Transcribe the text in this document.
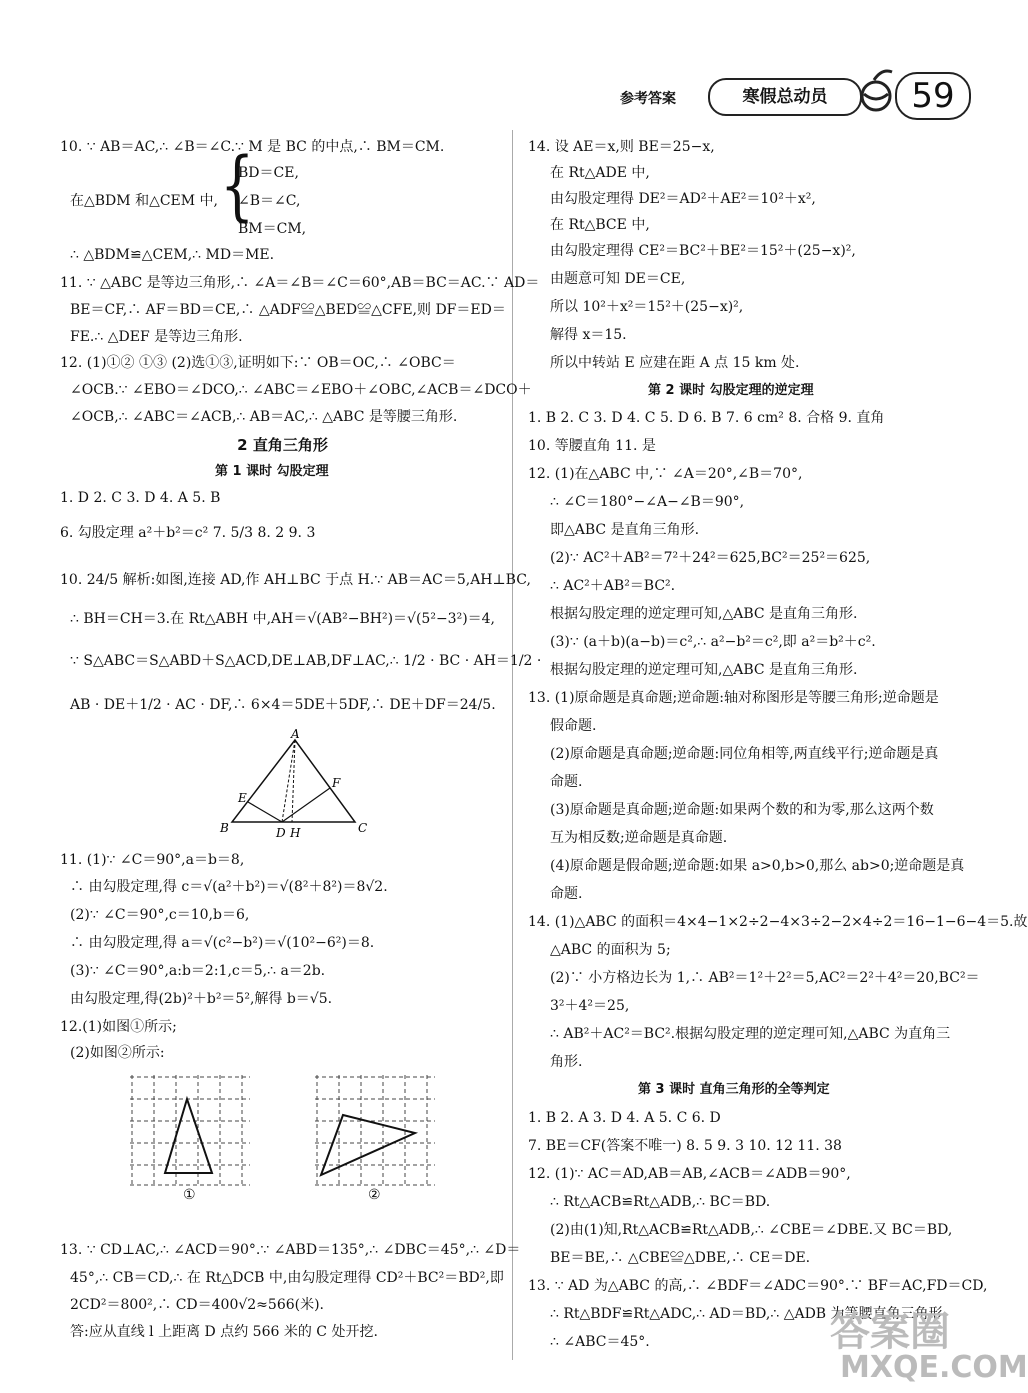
参考答案	寒假总动员	59
10. ∵ AB＝AC,∴ ∠B＝∠C.∵ M 是 BC 的中点,∴ BM＝CM.
{
BD＝CE,
在△BDM 和△CEM 中, ∠B＝∠C,
BM＝CM,
∴ △BDM≌△CEM,∴ MD＝ME.
11. ∵ △ABC 是等边三角形,∴ ∠A＝∠B＝∠C＝60°,AB＝BC＝AC.∵ AD＝
BE＝CF,∴ AF＝BD＝CE,∴ △ADF≌△BED≌△CFE,则 DF＝ED＝
FE.∴ △DEF 是等边三角形.
12. (1)①② ①③ (2)选①③,证明如下:∵ OB＝OC,∴ ∠OBC＝
∠OCB.∵ ∠EBO＝∠DCO,∴ ∠ABC＝∠EBO＋∠OBC,∠ACB＝∠DCO＋
∠OCB,∴ ∠ABC＝∠ACB,∴ AB＝AC,∴ △ABC 是等腰三角形.
2 直角三角形
第 1 课时 勾股定理
1. D 2. C 3. D 4. A 5. B
6. 勾股定理 a²＋b²＝c² 7. 5/3 8. 2 9. 3
10. 24/5 解析:如图,连接 AD,作 AH⊥BC 于点 H.∵ AB＝AC＝5,AH⊥BC,
∴ BH＝CH＝3.在 Rt△ABH 中,AH＝√(AB²−BH²)＝√(5²−3²)＝4,
∵ S△ABC＝S△ABD＋S△ACD,DE⊥AB,DF⊥AC,∴ 1/2 · BC · AH＝1/2 ·
AB · DE＋1/2 · AC · DF,∴ 6×4＝5DE＋5DF,∴ DE＋DF＝24/5.
A
B	C
D
E
F
H
11. (1)∵ ∠C＝90°,a＝b＝8,
∴ 由勾股定理,得 c＝√(a²＋b²)＝√(8²＋8²)＝8√2.
(2)∵ ∠C＝90°,c＝10,b＝6,
∴ 由勾股定理,得 a＝√(c²−b²)＝√(10²−6²)＝8.
(3)∵ ∠C＝90°,a:b＝2:1,c＝5,∴ a＝2b.
由勾股定理,得(2b)²＋b²＝5²,解得 b＝√5.
12.(1)如图①所示;
(2)如图②所示:
①	②
13. ∵ CD⊥AC,∴ ∠ACD＝90°.∵ ∠ABD＝135°,∴ ∠DBC＝45°,∴ ∠D＝
45°,∴ CB＝CD,∴ 在 Rt△DCB 中,由勾股定理得 CD²＋BC²＝BD²,即
2CD²＝800²,∴ CD＝400√2≈566(米).
答:应从直线 l 上距离 D 点约 566 米的 C 处开挖.
14. 设 AE＝x,则 BE＝25−x,
在 Rt△ADE 中,
由勾股定理得 DE²＝AD²＋AE²＝10²＋x²,
在 Rt△BCE 中,
由勾股定理得 CE²＝BC²＋BE²＝15²＋(25−x)²,
由题意可知 DE＝CE,
所以 10²＋x²＝15²＋(25−x)²,
解得 x＝15.
所以中转站 E 应建在距 A 点 15 km 处.
第 2 课时 勾股定理的逆定理
1. B 2. C 3. D 4. C 5. D 6. B 7. 6 cm² 8. 合格 9. 直角
10. 等腰直角 11. 是
12. (1)在△ABC 中,∵ ∠A＝20°,∠B＝70°,
∴ ∠C＝180°−∠A−∠B＝90°,
即△ABC 是直角三角形.
(2)∵ AC²＋AB²＝7²＋24²＝625,BC²＝25²＝625,
∴ AC²＋AB²＝BC².
根据勾股定理的逆定理可知,△ABC 是直角三角形.
(3)∵ (a＋b)(a−b)＝c²,∴ a²−b²＝c²,即 a²＝b²＋c².
根据勾股定理的逆定理可知,△ABC 是直角三角形.
13. (1)原命题是真命题;逆命题:轴对称图形是等腰三角形;逆命题是
假命题.
(2)原命题是真命题;逆命题:同位角相等,两直线平行;逆命题是真
命题.
(3)原命题是真命题;逆命题:如果两个数的和为零,那么这两个数
互为相反数;逆命题是真命题.
(4)原命题是假命题;逆命题:如果 a>0,b>0,那么 ab>0;逆命题是真
命题.
14. (1)△ABC 的面积＝4×4−1×2÷2−4×3÷2−2×4÷2＝16−1−6−4＝5.故
△ABC 的面积为 5;
(2)∵ 小方格边长为 1,∴ AB²＝1²＋2²＝5,AC²＝2²＋4²＝20,BC²＝
3²＋4²＝25,
∴ AB²＋AC²＝BC².根据勾股定理的逆定理可知,△ABC 为直角三
角形.
第 3 课时 直角三角形的全等判定
1. B 2. A 3. D 4. A 5. C 6. D
7. BE＝CF(答案不唯一) 8. 5 9. 3 10. 12 11. 38
12. (1)∵ AC＝AD,AB＝AB,∠ACB＝∠ADB＝90°,
∴ Rt△ACB≌Rt△ADB,∴ BC＝BD.
(2)由(1)知,Rt△ACB≌Rt△ADB,∴ ∠CBE＝∠DBE.又 BC＝BD,
BE＝BE,∴ △CBE≌△DBE,∴ CE＝DE.
13. ∵ AD 为△ABC 的高,∴ ∠BDF＝∠ADC＝90°.∵ BF＝AC,FD＝CD,
∴ Rt△BDF≌Rt△ADC,∴ AD＝BD,∴ △ADB 为等腰直角三角形,
∴ ∠ABC＝45°.	答案圈
MXQE.COM
